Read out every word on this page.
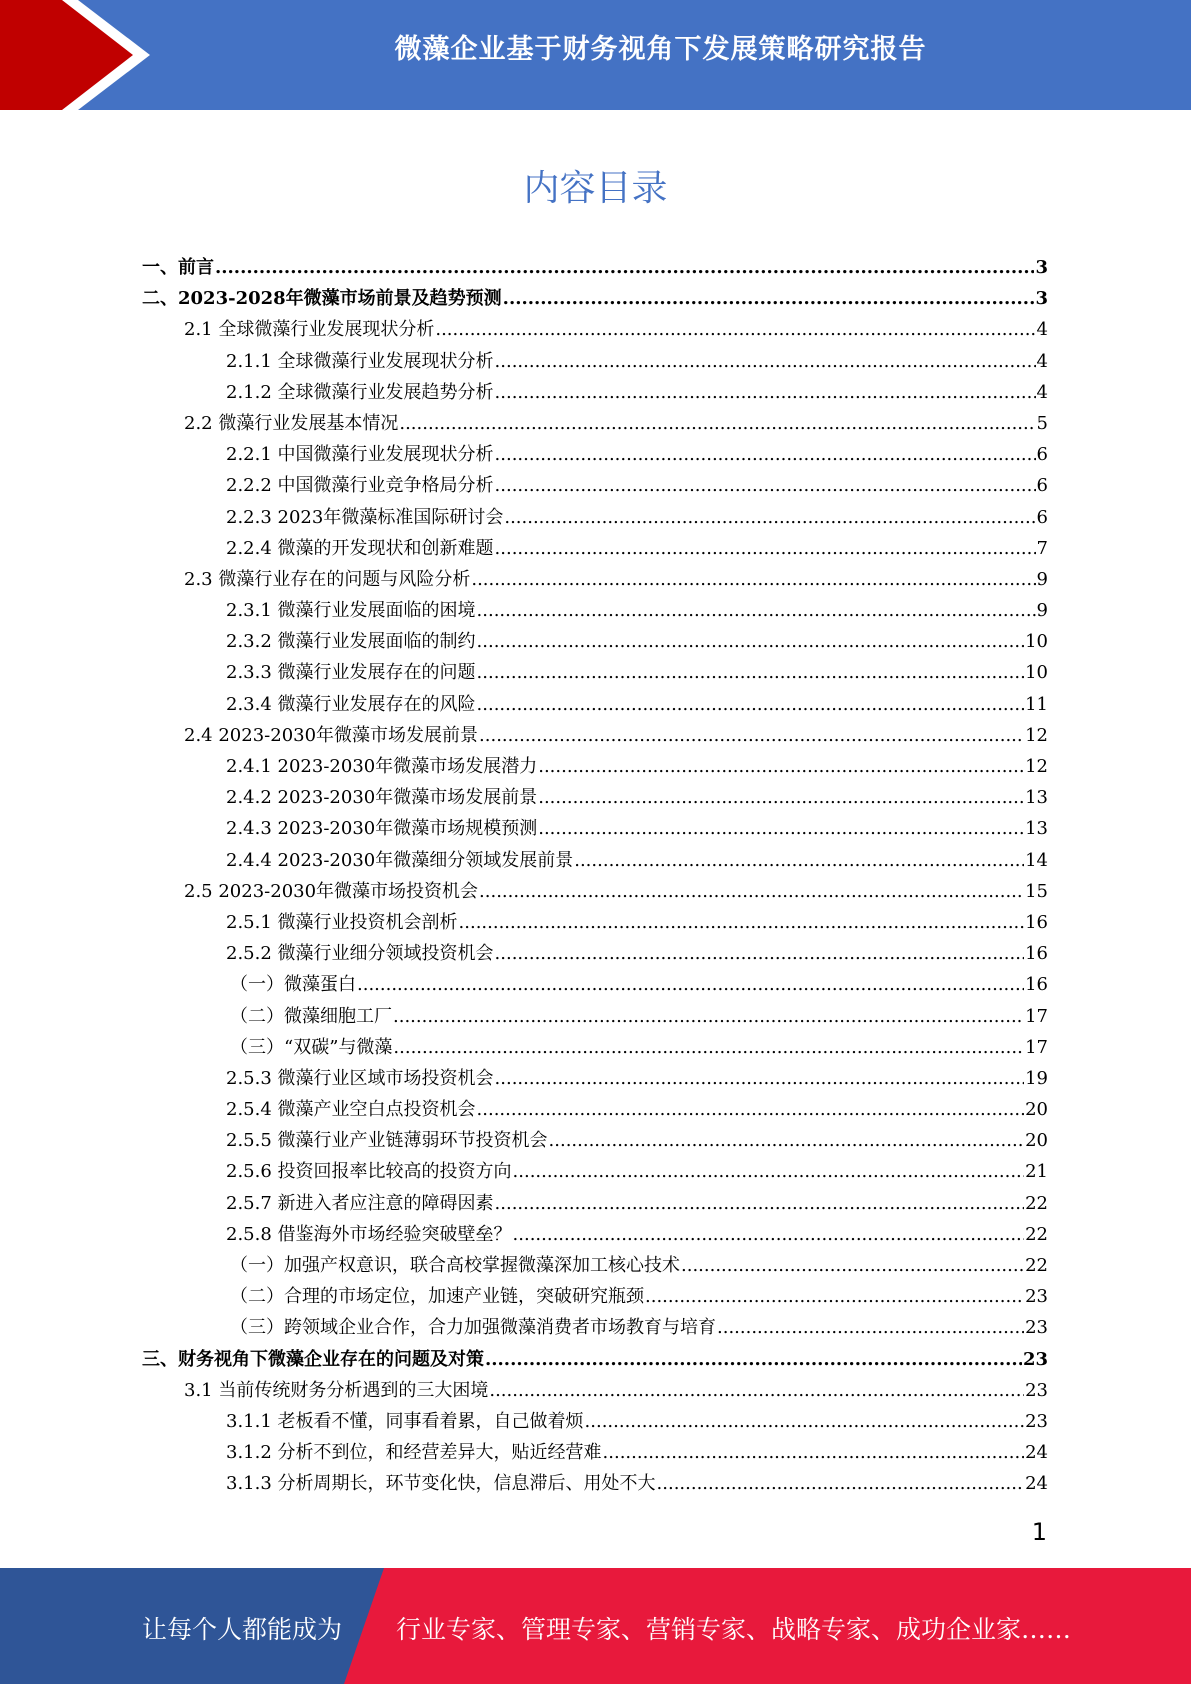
微藻企业基于财务视角下发展策略研究报告
内容目录
一、前言 .....	3
二、2023-2028年微藻市场前景及趋势预测 .....	3
2.1 全球微藻行业发展现状分析 .....	4
2.1.1 全球微藻行业发展现状分析 .....	4
2.1.2 全球微藻行业发展趋势分析 .....	4
2.2 微藻行业发展基本情况 .....	5
2.2.1 中国微藻行业发展现状分析 .....	6
2.2.2 中国微藻行业竞争格局分析 .....	6
2.2.3 2023年微藻标准国际研讨会 .....	6
2.2.4 微藻的开发现状和创新难题 .....	7
2.3 微藻行业存在的问题与风险分析 .....	9
2.3.1 微藻行业发展面临的困境 .....	9
2.3.2 微藻行业发展面临的制约 .....	10
2.3.3 微藻行业发展存在的问题 .....	10
2.3.4 微藻行业发展存在的风险 .....	11
2.4 2023-2030年微藻市场发展前景 .....	12
2.4.1 2023-2030年微藻市场发展潜力 .....	12
2.4.2 2023-2030年微藻市场发展前景 .....	13
2.4.3 2023-2030年微藻市场规模预测 .....	13
2.4.4 2023-2030年微藻细分领域发展前景 .....	14
2.5 2023-2030年微藻市场投资机会 .....	15
2.5.1 微藻行业投资机会剖析 .....	16
2.5.2 微藻行业细分领域投资机会 .....	16
（一）微藻蛋白 .....	16
（二）微藻细胞工厂 .....	17
（三）“双碳”与微藻 .....	17
2.5.3 微藻行业区域市场投资机会 .....	19
2.5.4 微藻产业空白点投资机会 .....	20
2.5.5 微藻行业产业链薄弱环节投资机会 .....	20
2.5.6 投资回报率比较高的投资方向 .....	21
2.5.7 新进入者应注意的障碍因素 .....	22
2.5.8 借鉴海外市场经验突破壁垒？ .....	22
（一）加强产权意识，联合高校掌握微藻深加工核心技术 .....	22
（二）合理的市场定位，加速产业链，突破研究瓶颈 .....	23
（三）跨领域企业合作，合力加强微藻消费者市场教育与培育 .....	23
三、财务视角下微藻企业存在的问题及对策 .....	23
3.1 当前传统财务分析遇到的三大困境 .....	23
3.1.1 老板看不懂，同事看着累，自己做着烦 .....	23
3.1.2 分析不到位，和经营差异大，贴近经营难 .....	24
3.1.3 分析周期长，环节变化快，信息滞后、用处不大 .....	24
1
让每个人都能成为 行业专家、管理专家、营销专家、战略专家、成功企业家……
